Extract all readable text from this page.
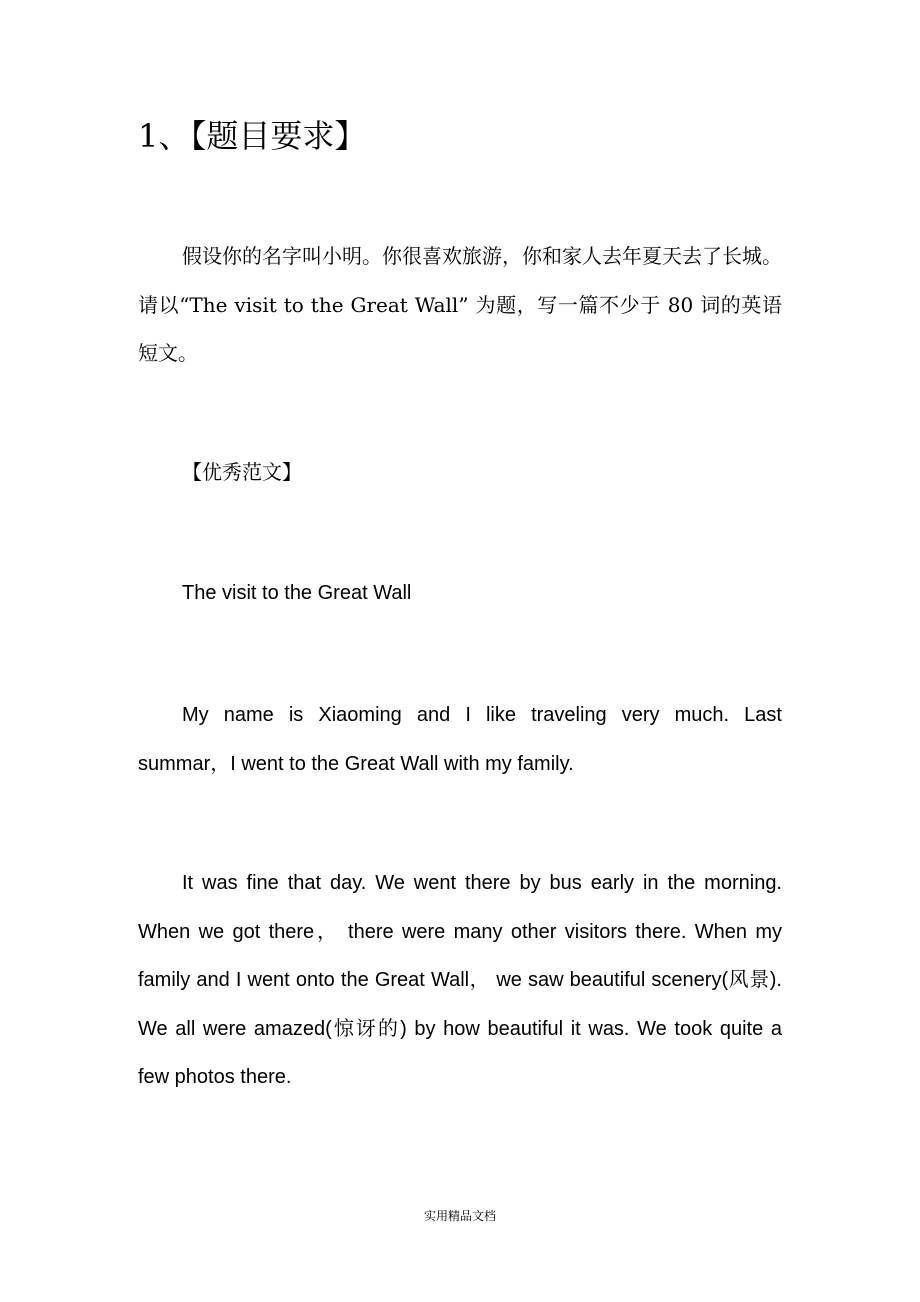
1、【题目要求】
假设你的名字叫小明。你很喜欢旅游，你和家人去年夏天去了长城。请以“The visit to the Great Wall” 为题，写一篇不少于 80 词的英语短文。
【优秀范文】
The visit to the Great Wall
My name is Xiaoming and I like traveling very much. Last summar，I went to the Great Wall with my family.
It was fine that day. We went there by bus early in the morning. When we got there， there were many other visitors there. When my family and I went onto the Great Wall， we saw beautiful scenery(风景). We all were amazed(惊讶的) by how beautiful it was. We took quite a few photos there.
实用精品文档
